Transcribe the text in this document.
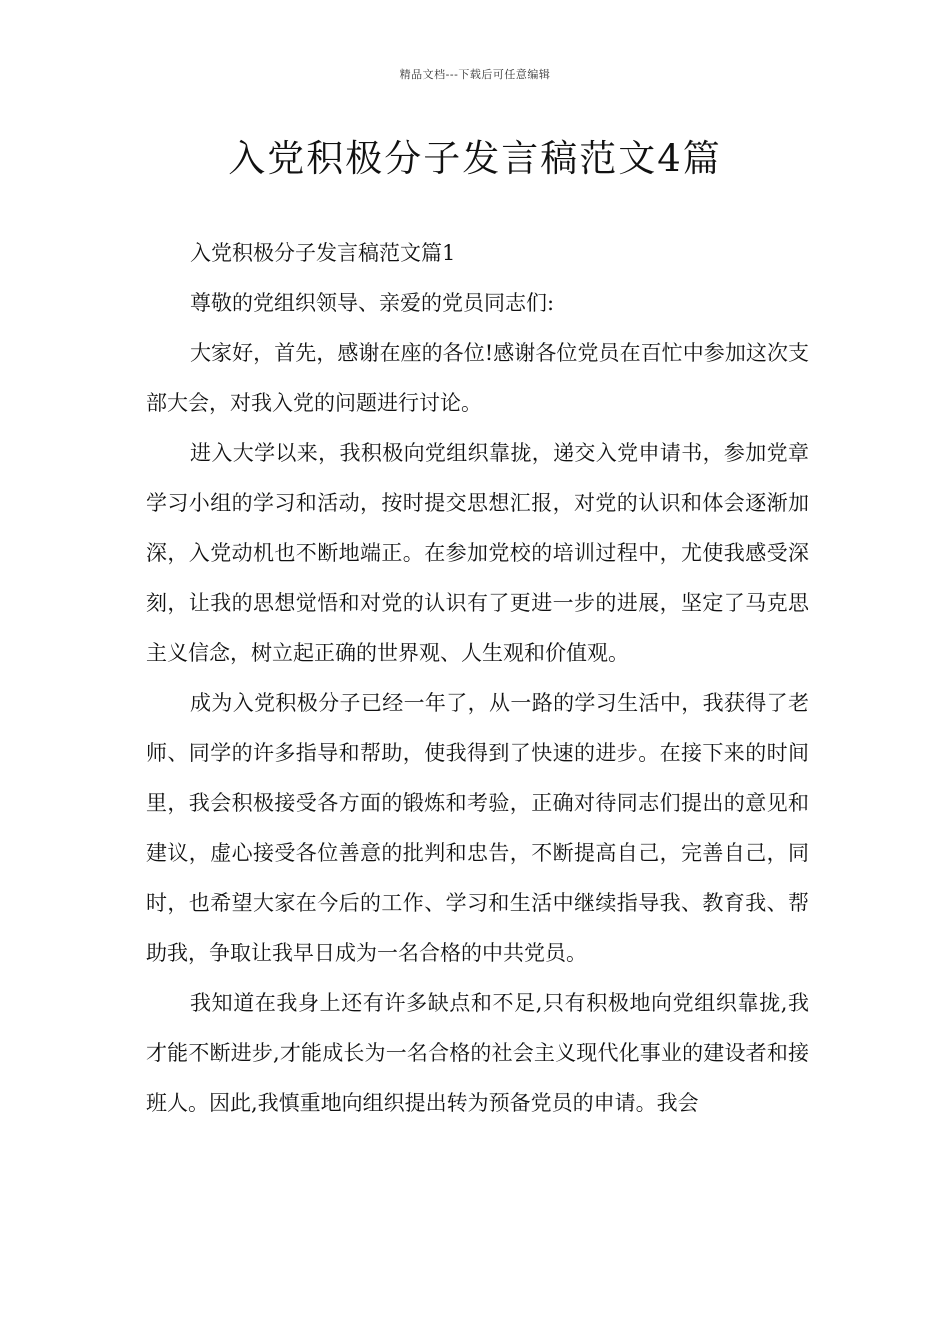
精品文档---下载后可任意编辑
入党积极分子发言稿范文4篇

入党积极分子发言稿范文篇1

尊敬的党组织领导、亲爱的党员同志们:

大家好，首先，感谢在座的各位!感谢各位党员在百忙中参加这次支部大会，对我入党的问题进行讨论。

进入大学以来，我积极向党组织靠拢，递交入党申请书，参加党章学习小组的学习和活动，按时提交思想汇报，对党的认识和体会逐渐加深，入党动机也不断地端正。在参加党校的培训过程中，尤使我感受深刻，让我的思想觉悟和对党的认识有了更进一步的进展，坚定了马克思主义信念，树立起正确的世界观、人生观和价值观。

成为入党积极分子已经一年了，从一路的学习生活中，我获得了老师、同学的许多指导和帮助，使我得到了快速的进步。在接下来的时间里，我会积极接受各方面的锻炼和考验，正确对待同志们提出的意见和建议，虚心接受各位善意的批判和忠告，不断提高自己，完善自己，同时，也希望大家在今后的工作、学习和生活中继续指导我、教育我、帮助我，争取让我早日成为一名合格的中共党员。

我知道在我身上还有许多缺点和不足,只有积极地向党组织靠拢,我才能不断进步,才能成长为一名合格的社会主义现代化事业的建设者和接班人。因此,我慎重地向组织提出转为预备党员的申请。我会
